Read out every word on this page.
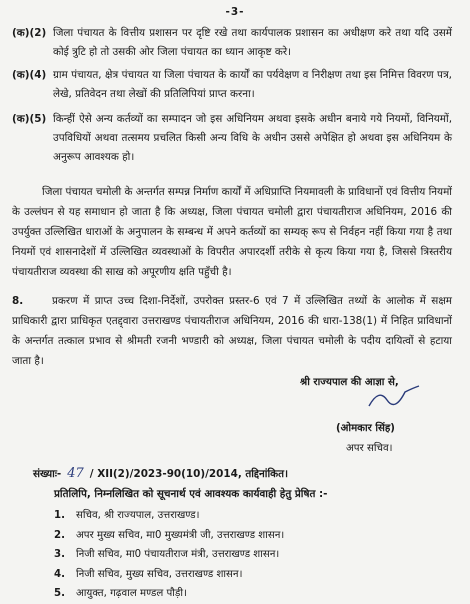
-3-
(क)(2) जिला पंचायत के वित्तीय प्रशासन पर दृष्टि रखे तथा कार्यपालक प्रशासन का अधीक्षण करे तथा यदि उसमें कोई त्रुटि हो तो उसकी ओर जिला पंचायत का ध्यान आकृष्ट करे।
(क)(4) ग्राम पंचायत, क्षेत्र पंचायत या जिला पंचायत के कार्यों का पर्यवेक्षण व निरीक्षण तथा इस निमित्त विवरण पत्र, लेखे, प्रतिवेदन तथा लेखों की प्रतिलिपियां प्राप्त करना।
(क)(5) किन्हीं ऐसे अन्य कर्तव्यों का सम्पादन जो इस अधिनियम अथवा इसके अधीन बनाये गये नियमों, विनियमों, उपविधियों अथवा तत्समय प्रचलित किसी अन्य विधि के अधीन उससे अपेक्षित हो अथवा इस अधिनियम के अनुरूप आवश्यक हो।
जिला पंचायत चमोली के अन्तर्गत सम्पन्न निर्माण कार्यों में अधिप्राप्ति नियमावली के प्राविधानों एवं वित्तीय नियमों के उल्लंघन से यह समाधान हो जाता है कि अध्यक्ष, जिला पंचायत चमोली द्वारा पंचायतीराज अधिनियम, 2016 की उपर्युक्त उल्लिखित धाराओं के अनुपालन के सम्बन्ध में अपने कर्तव्यों का सम्यक् रूप से निर्वहन नहीं किया गया है तथा नियमों एवं शासनादेशों में उल्लिखित व्यवस्थाओं के विपरीत अपारदर्शी तरीके से कृत्य किया गया है, जिससे त्रिस्तरीय पंचायतीराज व्यवस्था की साख को अपूरणीय क्षति पहुँची है।
8.	प्रकरण में प्राप्त उच्च दिशा-निर्देशों, उपरोक्त प्रस्तर-6 एवं 7 में उल्लिखित तथ्यों के आलोक में सक्षम प्राधिकारी द्वारा प्राधिकृत एतद्द्वारा उत्तराखण्ड पंचायतीराज अधिनियम, 2016 की धारा-138(1) में निहित प्राविधानों के अन्तर्गत तत्काल प्रभाव से श्रीमती रजनी भण्डारी को अध्यक्ष, जिला पंचायत चमोली के पदीय दायित्वों से हटाया जाता है।
श्री राज्यपाल की आज्ञा से,
(ओमकार सिंह)
अपर सचिव।
संख्याः- 47 / XII(2)/2023-90(10)/2014, तद्दिनांकित।
प्रतिलिपि, निम्नलिखित को सूचनार्थ एवं आवश्यक कार्यवाही हेतु प्रेषित :-
1. सचिव, श्री राज्यपाल, उत्तराखण्ड।
2. अपर मुख्य सचिव, मा0 मुख्यमंत्री जी, उत्तराखण्ड शासन।
3. निजी सचिव, मा0 पंचायतीराज मंत्री, उत्तराखण्ड शासन।
4. निजी सचिव, मुख्य सचिव, उत्तराखण्ड शासन।
5. आयुक्त, गढ़वाल मण्डल पौड़ी।
